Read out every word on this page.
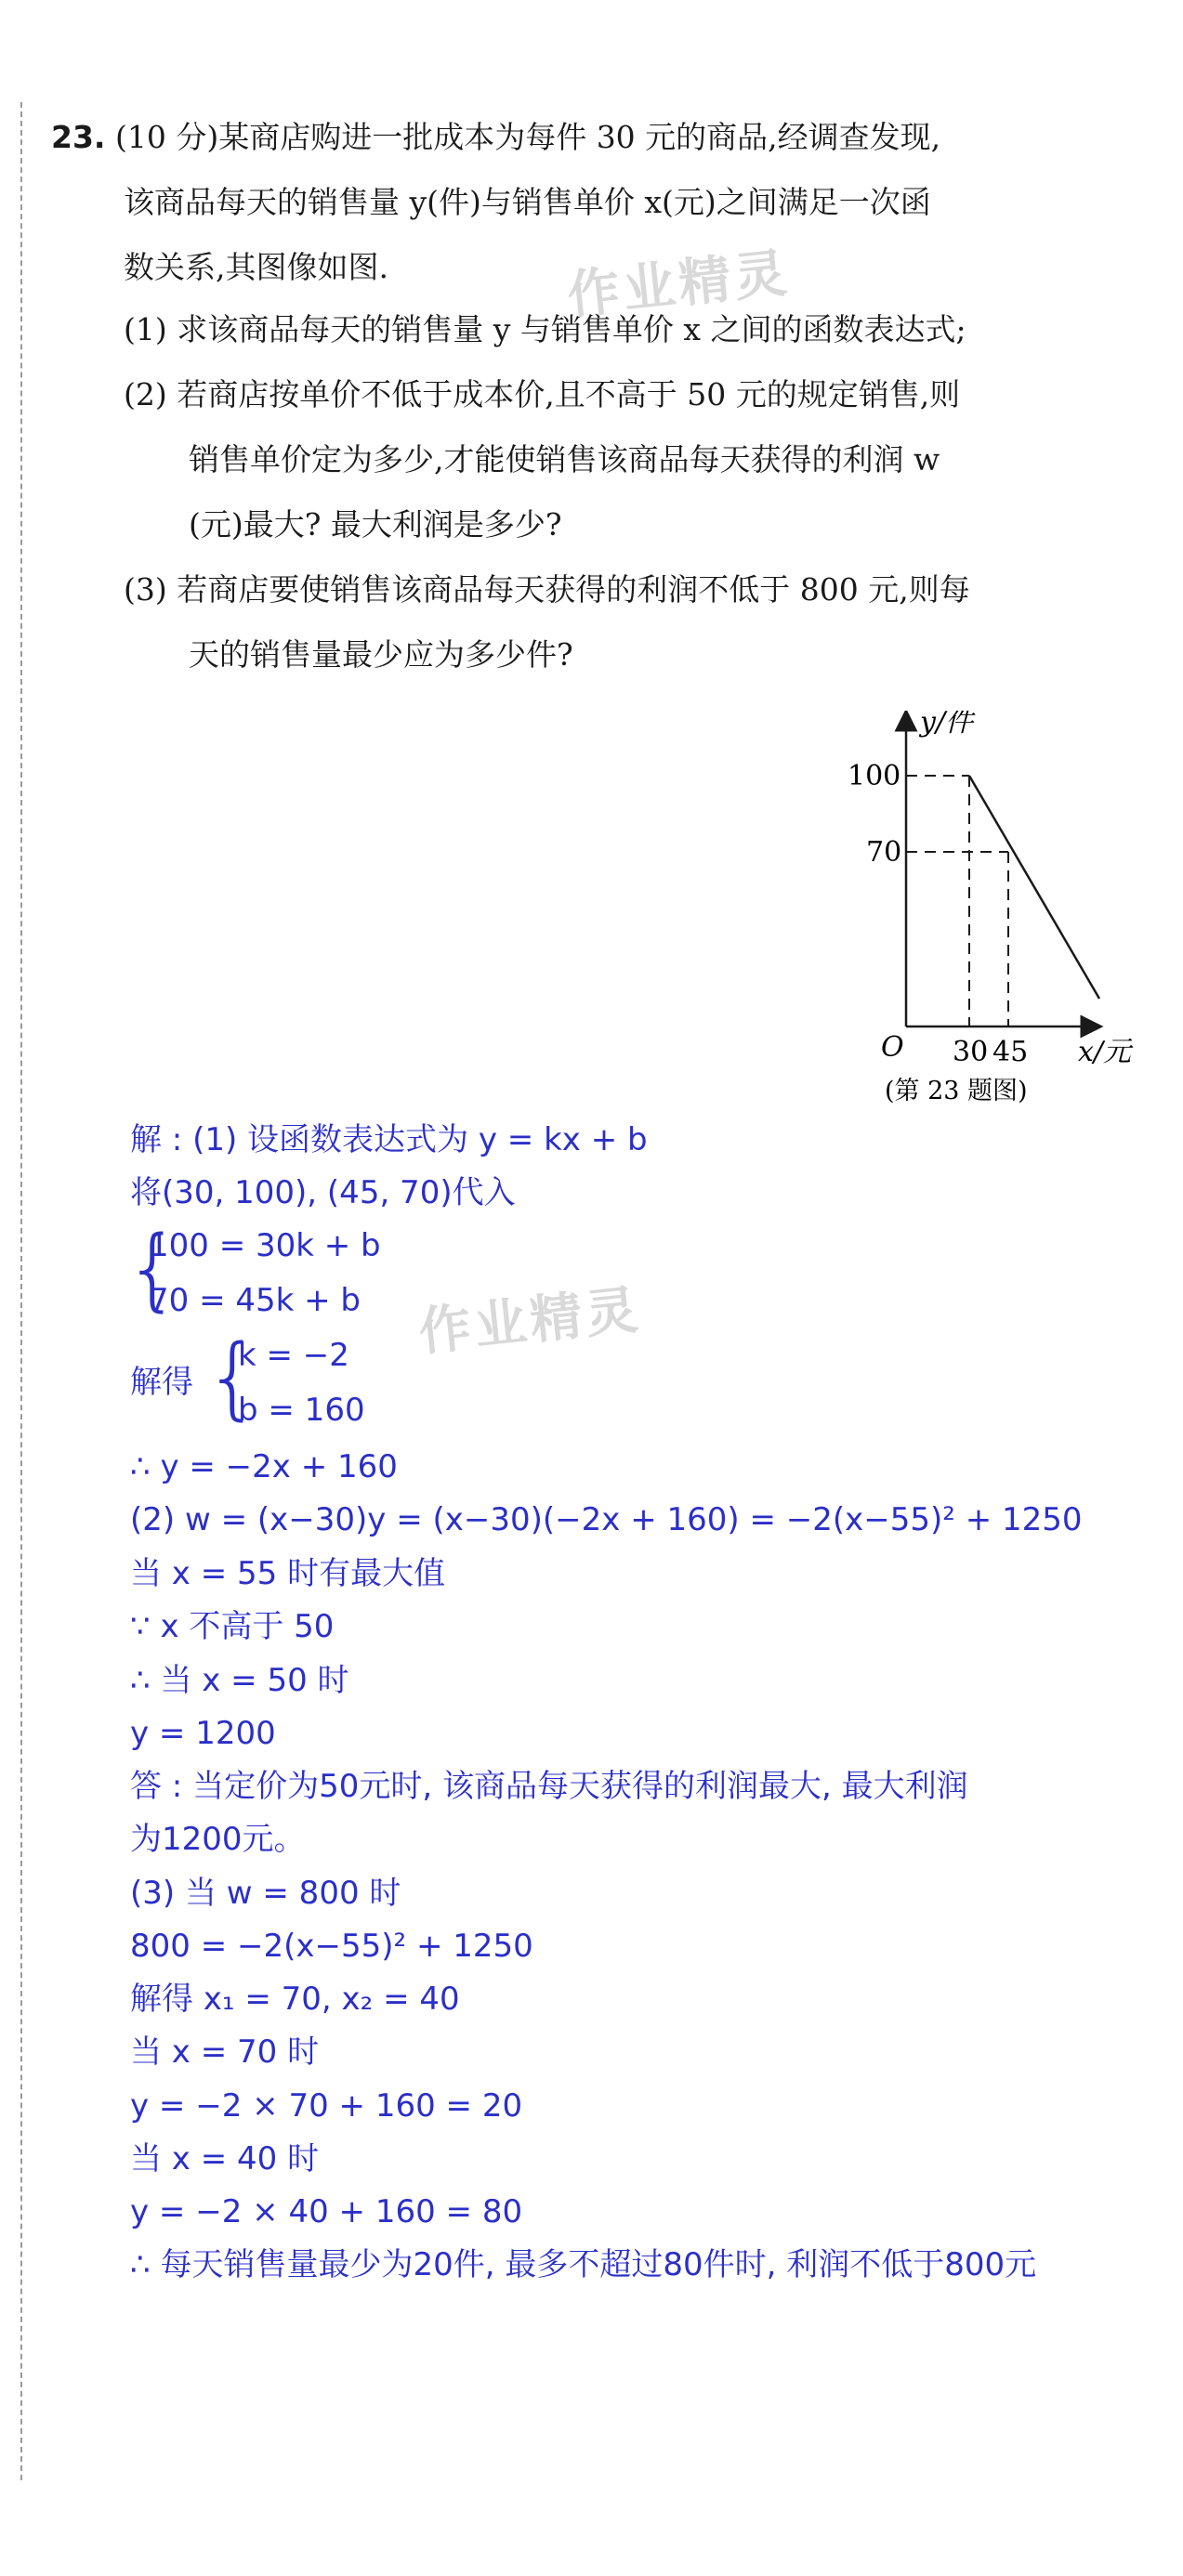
作业精灵
作业精灵

23. (10 分)某商店购进一批成本为每件 30 元的商品,经调查发现,

该商品每天的销售量 y(件)与销售单价 x(元)之间满足一次函

数关系,其图像如图.

(1) 求该商品每天的销售量 y 与销售单价 x 之间的函数表达式;

(2) 若商店按单价不低于成本价,且不高于 50 元的规定销售,则

销售单价定为多少,才能使销售该商品每天获得的利润 w

(元)最大? 最大利润是多少?

(3) 若商店要使销售该商品每天获得的利润不低于 800 元,则每

天的销售量最少应为多少件?

y/件
x/元
O
100
70
30 45
(第 23 题图)

解 : (1) 设函数表达式为 y = kx + b

将(30, 100), (45, 70)代入

{

100 = 30k + b

70 = 45k + b

解得 {

k = −2

b = 160

∴ y = −2x + 160

(2) w = (x−30)y = (x−30)(−2x + 160) = −2(x−55)² + 1250

当 x = 55 时有最大值

∵ x 不高于 50

∴ 当 x = 50 时

y = 1200

答 : 当定价为50元时, 该商品每天获得的利润最大, 最大利润

为1200元。

(3) 当 w = 800 时

800 = −2(x−55)² + 1250

解得 x₁ = 70, x₂ = 40

当 x = 70 时

y = −2 × 70 + 160 = 20

当 x = 40 时

y = −2 × 40 + 160 = 80

∴ 每天销售量最少为20件, 最多不超过80件时, 利润不低于800元
